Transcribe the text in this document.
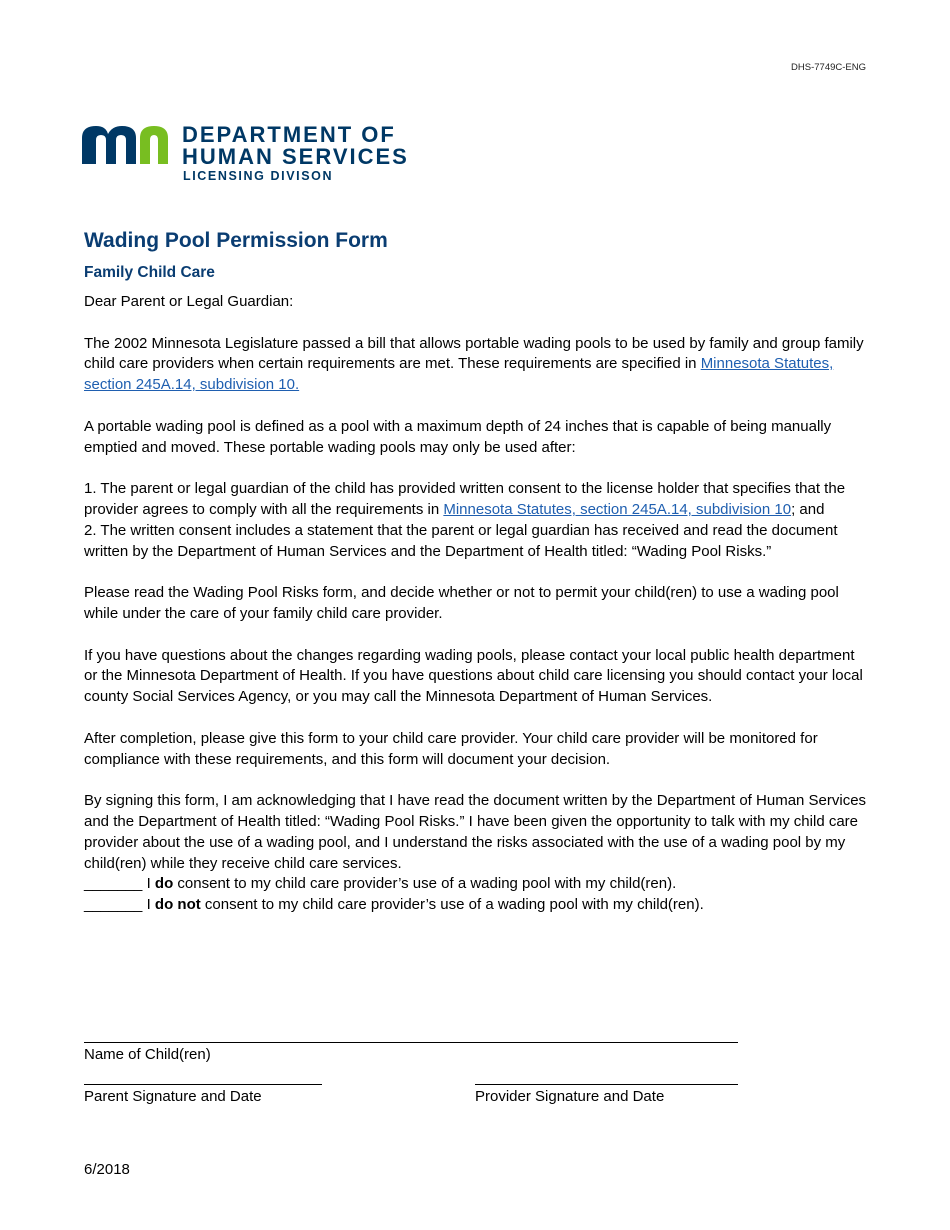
DHS-7749C-ENG
DEPARTMENT OF
HUMAN SERVICES
LICENSING DIVISON
Wading Pool Permission Form
Family Child Care

Dear Parent or Legal Guardian:

The 2002 Minnesota Legislature passed a bill that allows portable wading pools to be used by family and group family child care providers when certain requirements are met. These requirements are specified in Minnesota Statutes, section 245A.14, subdivision 10.

A portable wading pool is defined as a pool with a maximum depth of 24 inches that is capable of being manually emptied and moved. These portable wading pools may only be used after:

1. The parent or legal guardian of the child has provided written consent to the license holder that specifies that the provider agrees to comply with all the requirements in Minnesota Statutes, section 245A.14, subdivision 10; and

2. The written consent includes a statement that the parent or legal guardian has received and read the document written by the Department of Human Services and the Department of Health titled: “Wading Pool Risks.”

Please read the Wading Pool Risks form, and decide whether or not to permit your child(ren) to use a wading pool while under the care of your family child care provider.

If you have questions about the changes regarding wading pools, please contact your local public health department or the Minnesota Department of Health. If you have questions about child care licensing you should contact your local county Social Services Agency, or you may call the Minnesota Department of Human Services.

After completion, please give this form to your child care provider. Your child care provider will be monitored for compliance with these requirements, and this form will document your decision.

By signing this form, I am acknowledging that I have read the document written by the Department of Human Services and the Department of Health titled: “Wading Pool Risks.” I have been given the opportunity to talk with my child care provider about the use of a wading pool, and I understand the risks associated with the use of a wading pool by my child(ren) while they receive child care services.

_______ I do consent to my child care provider’s use of a wading pool with my child(ren).

_______ I do not consent to my child care provider’s use of a wading pool with my child(ren).

Name of Child(ren)
Parent Signature and Date	Provider Signature and Date
6/2018
